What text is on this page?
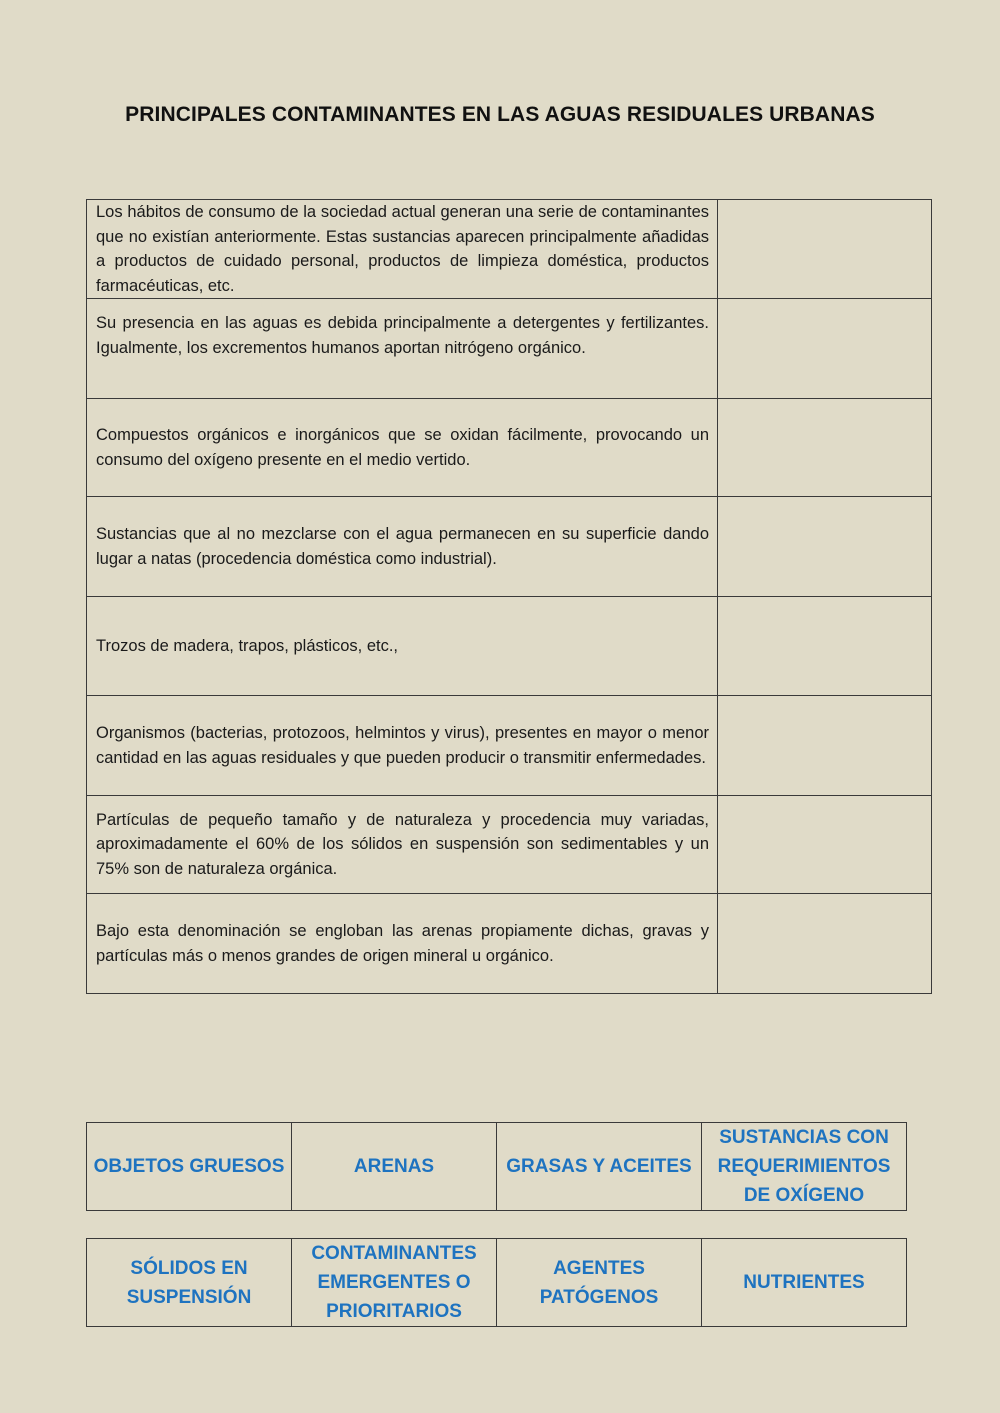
PRINCIPALES CONTAMINANTES EN LAS AGUAS RESIDUALES URBANAS
Los hábitos de consumo de la sociedad actual generan una serie de contaminantes que no existían anteriormente. Estas sustancias aparecen principalmente añadidas a productos de cuidado personal, productos de limpieza doméstica, productos farmacéuticas, etc.	
Su presencia en las aguas es debida principalmente a detergentes y fertilizantes. Igualmente, los excrementos humanos aportan nitrógeno orgánico.	
Compuestos orgánicos e inorgánicos que se oxidan fácilmente, provocando un consumo del oxígeno presente en el medio vertido.	
Sustancias que al no mezclarse con el agua permanecen en su superficie dando lugar a natas (procedencia doméstica como industrial).	
Trozos de madera, trapos, plásticos, etc.,	
Organismos (bacterias, protozoos, helmintos y virus), presentes en mayor o menor cantidad en las aguas residuales y que pueden producir o transmitir enfermedades.	
Partículas de pequeño tamaño y de naturaleza y procedencia muy variadas, aproximadamente el 60% de los sólidos en suspensión son sedimentables y un 75% son de naturaleza orgánica.	
Bajo esta denominación se engloban las arenas propiamente dichas, gravas y partículas más o menos grandes de origen mineral u orgánico.	
OBJETOS GRUESOS	ARENAS	GRASAS Y ACEITES	SUSTANCIAS CON REQUERIMIENTOS DE OXÍGENO
SÓLIDOS EN SUSPENSIÓN	CONTAMINANTES EMERGENTES O PRIORITARIOS	AGENTES PATÓGENOS	NUTRIENTES
